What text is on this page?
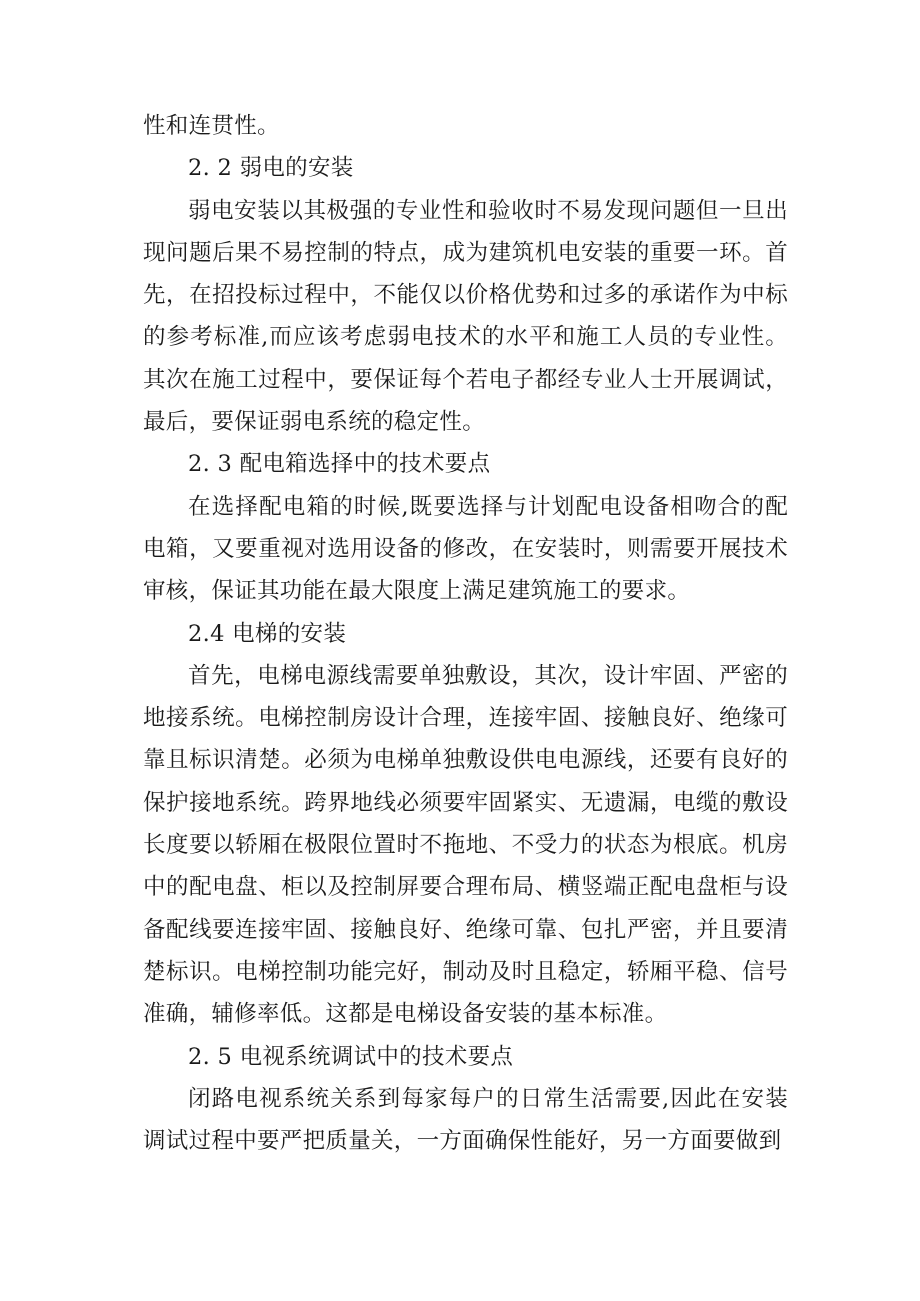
性和连贯性。

2. 2 弱电的安装

弱电安装以其极强的专业性和验收时不易发现问题但一旦出现问题后果不易控制的特点，成为建筑机电安装的重要一环。首先，在招投标过程中，不能仅以价格优势和过多的承诺作为中标的参考标准,而应该考虑弱电技术的水平和施工人员的专业性。其次在施工过程中，要保证每个若电子都经专业人士开展调试，最后，要保证弱电系统的稳定性。

2. 3 配电箱选择中的技术要点

在选择配电箱的时候,既要选择与计划配电设备相吻合的配电箱，又要重视对选用设备的修改，在安装时，则需要开展技术审核，保证其功能在最大限度上满足建筑施工的要求。

2.4 电梯的安装

首先，电梯电源线需要单独敷设，其次，设计牢固、严密的地接系统。电梯控制房设计合理，连接牢固、接触良好、绝缘可靠且标识清楚。必须为电梯单独敷设供电电源线，还要有良好的保护接地系统。跨界地线必须要牢固紧实、无遗漏，电缆的敷设长度要以轿厢在极限位置时不拖地、不受力的状态为根底。机房中的配电盘、柜以及控制屏要合理布局、横竖端正配电盘柜与设备配线要连接牢固、接触良好、绝缘可靠、包扎严密，并且要清楚标识。电梯控制功能完好，制动及时且稳定，轿厢平稳、信号准确，辅修率低。这都是电梯设备安装的基本标准。

2. 5 电视系统调试中的技术要点

闭路电视系统关系到每家每户的日常生活需要,因此在安装调试过程中要严把质量关，一方面确保性能好，另一方面要做到
